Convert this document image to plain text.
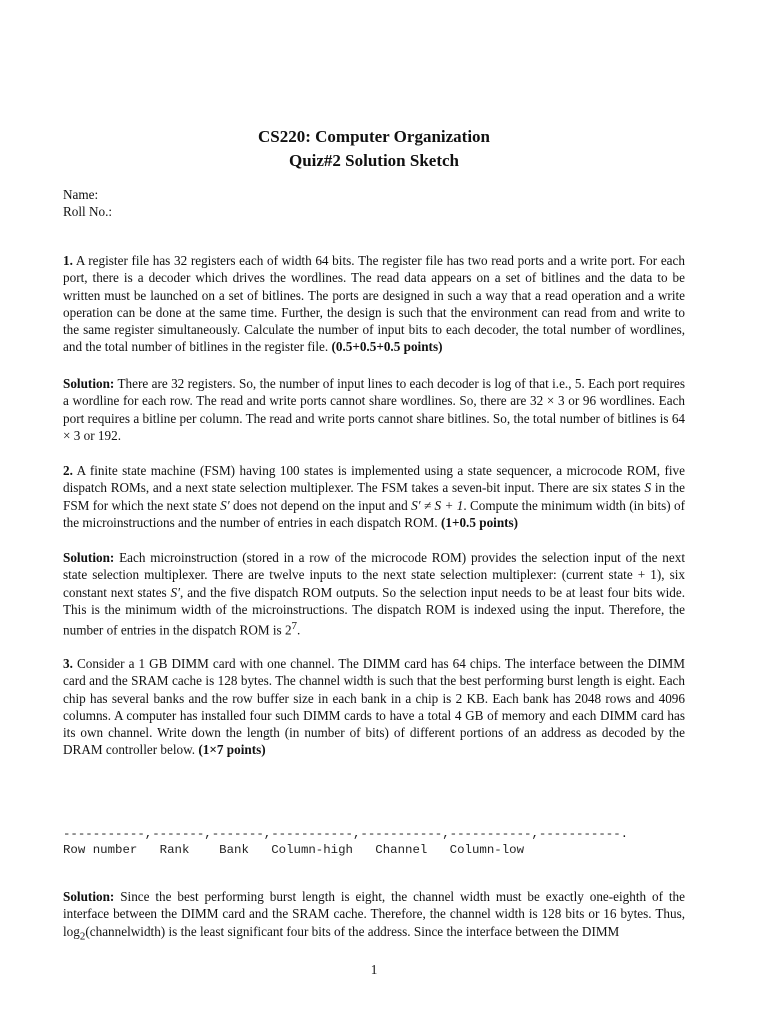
CS220: Computer Organization
Quiz#2 Solution Sketch
Name:
Roll No.:
1. A register file has 32 registers each of width 64 bits. The register file has two read ports and a write port. For each port, there is a decoder which drives the wordlines. The read data appears on a set of bitlines and the data to be written must be launched on a set of bitlines. The ports are designed in such a way that a read operation and a write operation can be done at the same time. Further, the design is such that the environment can read from and write to the same register simultaneously. Calculate the number of input bits to each decoder, the total number of wordlines, and the total number of bitlines in the register file. (0.5+0.5+0.5 points)
Solution: There are 32 registers. So, the number of input lines to each decoder is log of that i.e., 5. Each port requires a wordline for each row. The read and write ports cannot share wordlines. So, there are 32 × 3 or 96 wordlines. Each port requires a bitline per column. The read and write ports cannot share bitlines. So, the total number of bitlines is 64 × 3 or 192.
2. A finite state machine (FSM) having 100 states is implemented using a state sequencer, a microcode ROM, five dispatch ROMs, and a next state selection multiplexer. The FSM takes a seven-bit input. There are six states S in the FSM for which the next state S′ does not depend on the input and S′ ≠ S + 1. Compute the minimum width (in bits) of the microinstructions and the number of entries in each dispatch ROM. (1+0.5 points)
Solution: Each microinstruction (stored in a row of the microcode ROM) provides the selection input of the next state selection multiplexer. There are twelve inputs to the next state selection multiplexer: (current state + 1), six constant next states S′, and the five dispatch ROM outputs. So the selection input needs to be at least four bits wide. This is the minimum width of the microinstructions. The dispatch ROM is indexed using the input. Therefore, the number of entries in the dispatch ROM is $2^7$.
3. Consider a 1 GB DIMM card with one channel. The DIMM card has 64 chips. The interface between the DIMM card and the SRAM cache is 128 bytes. The channel width is such that the best performing burst length is eight. Each chip has several banks and the row buffer size in each bank in a chip is 2 KB. Each bank has 2048 rows and 4096 columns. A computer has installed four such DIMM cards to have a total 4 GB of memory and each DIMM card has its own channel. Write down the length (in number of bits) of different portions of an address as decoded by the DRAM controller below. (1×7 points)
-----------,-------,-------,-----------,-----------,-----------,-----------.
Row number   Rank    Bank   Column-high   Channel   Column-low
Solution: Since the best performing burst length is eight, the channel width must be exactly one-eighth of the interface between the DIMM card and the SRAM cache. Therefore, the channel width is 128 bits or 16 bytes. Thus, $\log_2(channelwidth)$ is the least significant four bits of the address. Since the interface between the DIMM
1
